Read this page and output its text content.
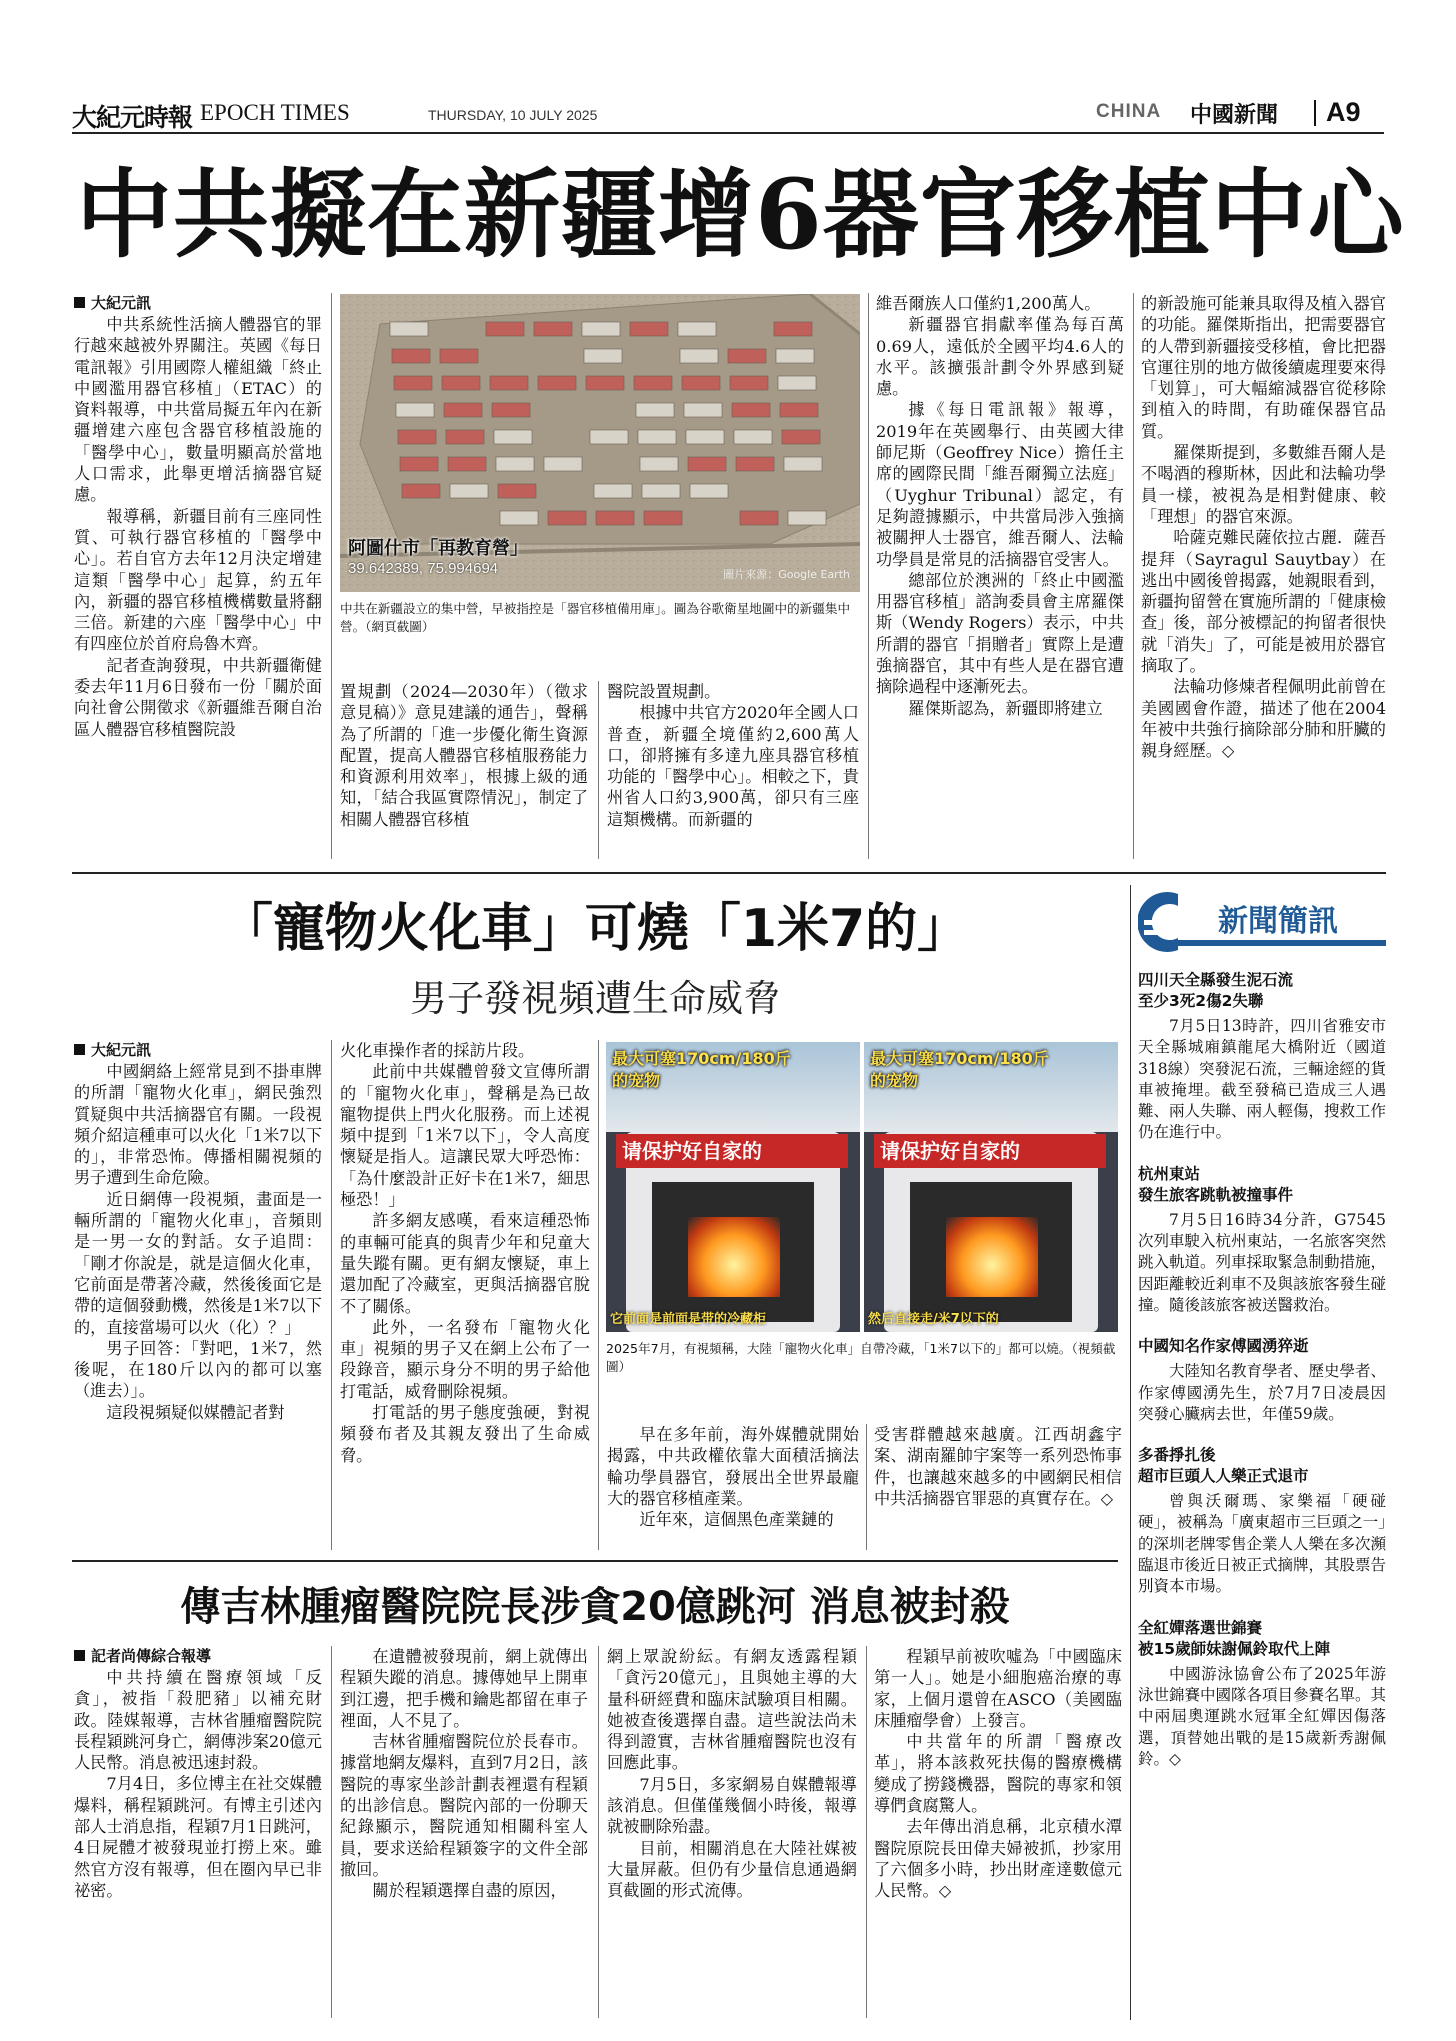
大紀元時報 EPOCH TIMES	THURSDAY, 10 JULY 2025	CHINA 中國新聞 A9
中共擬在新疆增6器官移植中心
大紀元訊

中共系統性活摘人體器官的罪行越來越被外界關注。英國《每日電訊報》引用國際人權組織「終止中國濫用器官移植」（ETAC）的資料報導，中共當局擬五年內在新疆增建六座包含器官移植設施的「醫學中心」，數量明顯高於當地人口需求，此舉更增活摘器官疑慮。

報導稱，新疆目前有三座同性質、可執行器官移植的「醫學中心」。若自官方去年12月決定增建這類「醫學中心」起算，約五年內，新疆的器官移植機構數量將翻三倍。新建的六座「醫學中心」中有四座位於首府烏魯木齊。

記者查詢發現，中共新疆衛健委去年11月6日發布一份「關於面向社會公開徵求《新疆維吾爾自治區人體器官移植醫院設

阿圖什市「再教育營」
39.642389, 75.994694	圖片來源：Google Earth
中共在新疆設立的集中營，早被指控是「器官移植備用庫」。圖為谷歌衛星地圖中的新疆集中營。（網頁截圖）

置規劃（2024—2030年）（徵求意見稿）》意見建議的通告」，聲稱為了所謂的「進一步優化衛生資源配置，提高人體器官移植服務能力和資源利用效率」，根據上級的通知，「結合我區實際情況」，制定了相關人體器官移植

醫院設置規劃。

根據中共官方2020年全國人口普查，新疆全境僅約2,600萬人口，卻將擁有多達九座具器官移植功能的「醫學中心」。相較之下，貴州省人口約3,900萬，卻只有三座這類機構。而新疆的

維吾爾族人口僅約1,200萬人。

新疆器官捐獻率僅為每百萬0.69人，遠低於全國平均4.6人的水平。該擴張計劃令外界感到疑慮。

據《每日電訊報》報導，2019年在英國舉行、由英國大律師尼斯（Geoffrey Nice）擔任主席的國際民間「維吾爾獨立法庭」（Uyghur Tribunal）認定，有足夠證據顯示，中共當局涉入強摘被關押人士器官，維吾爾人、法輪功學員是常見的活摘器官受害人。

總部位於澳洲的「終止中國濫用器官移植」諮詢委員會主席羅傑斯（Wendy Rogers）表示，中共所謂的器官「捐贈者」實際上是遭強摘器官，其中有些人是在器官遭摘除過程中逐漸死去。

羅傑斯認為，新疆即將建立

的新設施可能兼具取得及植入器官的功能。羅傑斯指出，把需要器官的人帶到新疆接受移植，會比把器官運往別的地方做後續處理要來得「划算」，可大幅縮減器官從移除到植入的時間，有助確保器官品質。

羅傑斯提到，多數維吾爾人是不喝酒的穆斯林，因此和法輪功學員一樣，被視為是相對健康、較「理想」的器官來源。

哈薩克難民薩依拉古麗．薩吾提拜（Sayragul Sauytbay）在逃出中國後曾揭露，她親眼看到，新疆拘留營在實施所謂的「健康檢查」後，部分被標記的拘留者很快就「消失」了，可能是被用於器官摘取了。

法輪功修煉者程佩明此前曾在美國國會作證，描述了他在2004年被中共強行摘除部分肺和肝臟的親身經歷。◇

「寵物火化車」可燒「1米7的」
男子發視頻遭生命威脅
大紀元訊

中國網絡上經常見到不掛車牌的所謂「寵物火化車」，網民強烈質疑與中共活摘器官有關。一段視頻介紹這種車可以火化「1米7以下的」，非常恐怖。傳播相關視頻的男子遭到生命危險。

近日網傳一段視頻，畫面是一輛所謂的「寵物火化車」，音頻則是一男一女的對話。女子追問：「剛才你說是，就是這個火化車，它前面是帶著冷藏，然後後面它是帶的這個發動機，然後是1米7以下的，直接當場可以火（化）？」

男子回答：「對吧，1米7，然後呢，在180斤以內的都可以塞（進去）」。

這段視頻疑似媒體記者對

火化車操作者的採訪片段。

此前中共媒體曾發文宣傳所謂的「寵物火化車」，聲稱是為已故寵物提供上門火化服務。而上述視頻中提到「1米7以下」，令人高度懷疑是指人。這讓民眾大呼恐怖：「為什麼設計正好卡在1米7，細思極恐！」

許多網友感嘆，看來這種恐怖的車輛可能真的與青少年和兒童大量失蹤有關。更有網友懷疑，車上還加配了冷藏室，更與活摘器官脫不了關係。

此外，一名發布「寵物火化車」視頻的男子又在網上公布了一段錄音，顯示身分不明的男子給他打電話，威脅刪除視頻。

打電話的男子態度強硬，對視頻發布者及其親友發出了生命威脅。

最大可塞170cm/180斤的宠物
请保护好自家的
它前面是前面是带的冷藏柜
最大可塞170cm/180斤的宠物
请保护好自家的
然后直接走/米7以下的
2025年7月，有視頻稱，大陸「寵物火化車」自帶冷藏，「1米7以下的」都可以燒。（視頻截圖）

早在多年前，海外媒體就開始揭露，中共政權依靠大面積活摘法輪功學員器官，發展出全世界最龐大的器官移植產業。

近年來，這個黑色產業鏈的

受害群體越來越廣。江西胡鑫宇案、湖南羅帥宇案等一系列恐怖事件，也讓越來越多的中國網民相信中共活摘器官罪惡的真實存在。◇

傳吉林腫瘤醫院院長涉貪20億跳河 消息被封殺
記者尚傳綜合報導

中共持續在醫療領域「反貪」，被指「殺肥豬」以補充財政。陸媒報導，吉林省腫瘤醫院院長程穎跳河身亡，網傳涉案20億元人民幣。消息被迅速封殺。

7月4日，多位博主在社交媒體爆料，稱程穎跳河。有博主引述內部人士消息指，程穎7月1日跳河，4日屍體才被發現並打撈上來。雖然官方沒有報導，但在圈內早已非祕密。

在遺體被發現前，網上就傳出程穎失蹤的消息。據傳她早上開車到江邊，把手機和鑰匙都留在車子裡面，人不見了。

吉林省腫瘤醫院位於長春市。據當地網友爆料，直到7月2日，該醫院的專家坐診計劃表裡還有程穎的出診信息。醫院內部的一份聊天紀錄顯示，醫院通知相關科室人員，要求送給程穎簽字的文件全部撤回。

關於程穎選擇自盡的原因，

網上眾說紛紜。有網友透露程穎「貪污20億元」，且與她主導的大量科研經費和臨床試驗項目相關。她被查後選擇自盡。這些說法尚未得到證實，吉林省腫瘤醫院也沒有回應此事。

7月5日，多家網易自媒體報導該消息。但僅僅幾個小時後，報導就被刪除殆盡。

目前，相關消息在大陸社媒被大量屏蔽。但仍有少量信息通過網頁截圖的形式流傳。

程穎早前被吹噓為「中國臨床第一人」。她是小細胞癌治療的專家，上個月還曾在ASCO（美國臨床腫瘤學會）上發言。

中共當年的所謂「醫療改革」，將本該救死扶傷的醫療機構變成了撈錢機器，醫院的專家和領導們貪腐驚人。

去年傳出消息稱，北京積水潭醫院原院長田偉夫婦被抓，抄家用了六個多小時，抄出財產達數億元人民幣。◇

新聞簡訊
四川天全縣發生泥石流
至少3死2傷2失聯

7月5日13時許，四川省雅安市天全縣城廂鎮龍尾大橋附近（國道318線）突發泥石流，三輛途經的貨車被掩埋。截至發稿已造成三人遇難、兩人失聯、兩人輕傷，搜救工作仍在進行中。

杭州東站
發生旅客跳軌被撞事件

7月5日16時34分許，G7545次列車駛入杭州東站，一名旅客突然跳入軌道。列車採取緊急制動措施，因距離較近剎車不及與該旅客發生碰撞。隨後該旅客被送醫救治。

中國知名作家傅國湧猝逝

大陸知名教育學者、歷史學者、作家傅國湧先生，於7月7日凌晨因突發心臟病去世，年僅59歲。

多番掙扎後
超市巨頭人人樂正式退市

曾與沃爾瑪、家樂福「硬碰硬」，被稱為「廣東超市三巨頭之一」的深圳老牌零售企業人人樂在多次瀕臨退市後近日被正式摘牌，其股票告別資本市場。

全紅嬋落選世錦賽
被15歲師妹謝佩鈴取代上陣

中國游泳協會公布了2025年游泳世錦賽中國隊各項目參賽名單。其中兩屆奧運跳水冠軍全紅嬋因傷落選，頂替她出戰的是15歲新秀謝佩鈴。◇
